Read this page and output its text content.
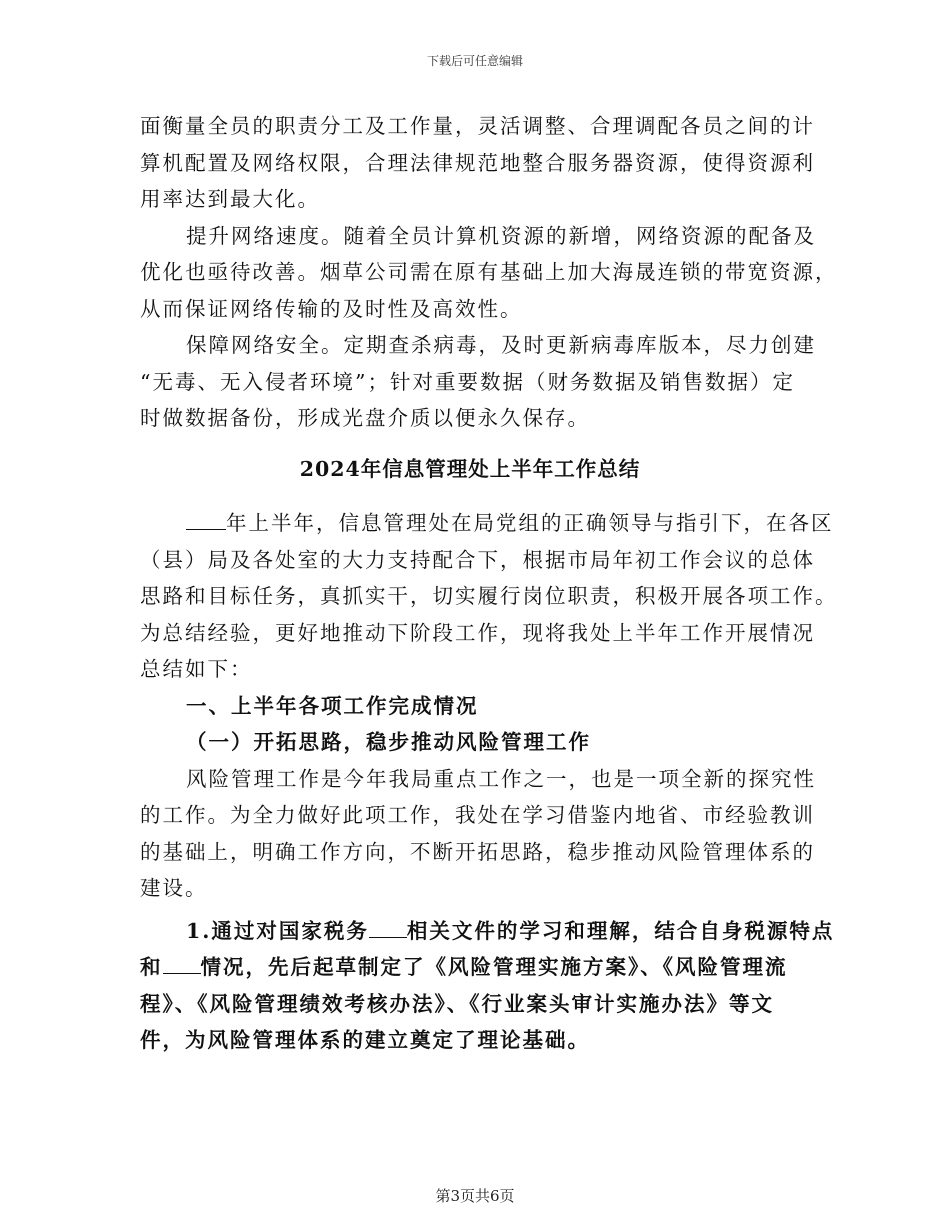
下载后可任意编辑

面衡量全员的职责分工及工作量，灵活调整、合理调配各员之间的计

算机配置及网络权限，合理法律规范地整合服务器资源，使得资源利

用率达到最大化。

提升网络速度。随着全员计算机资源的新增，网络资源的配备及

优化也亟待改善。烟草公司需在原有基础上加大海晟连锁的带宽资源，

从而保证网络传输的及时性及高效性。

保障网络安全。定期查杀病毒，及时更新病毒库版本，尽力创建

“无毒、无入侵者环境”；针对重要数据（财务数据及销售数据）定

时做数据备份，形成光盘介质以便永久保存。

2024年信息管理处上半年工作总结

年上半年，信息管理处在局党组的正确领导与指引下，在各区

（县）局及各处室的大力支持配合下，根据市局年初工作会议的总体

思路和目标任务，真抓实干，切实履行岗位职责，积极开展各项工作。

为总结经验，更好地推动下阶段工作，现将我处上半年工作开展情况

总结如下：

一、上半年各项工作完成情况

（一）开拓思路，稳步推动风险管理工作

风险管理工作是今年我局重点工作之一，也是一项全新的探究性

的工作。为全力做好此项工作，我处在学习借鉴内地省、市经验教训

的基础上，明确工作方向，不断开拓思路，稳步推动风险管理体系的

建设。

1.通过对国家税务 相关文件的学习和理解，结合自身税源特点

和 情况，先后起草制定了《风险管理实施方案》、《风险管理流

程》、《风险管理绩效考核办法》、《行业案头审计实施办法》等文

件，为风险管理体系的建立奠定了理论基础。

第3页共6页
